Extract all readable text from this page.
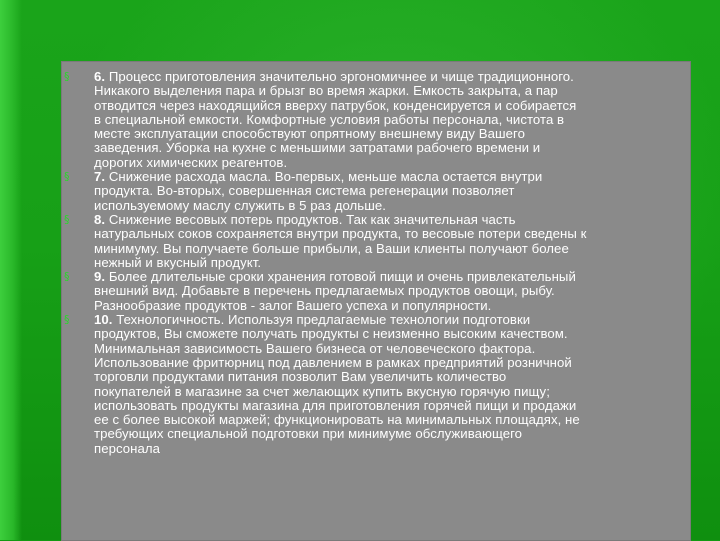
§ 6. Процесс приготовления значительно эргономичнее и чище традиционного.
Никакого выделения пара и брызг во время жарки. Емкость закрыта, а пар
отводится через находящийся вверху патрубок, конденсируется и собирается
в специальной емкости. Комфортные условия работы персонала, чистота в
месте эксплуатации способствуют опрятному внешнему виду Вашего
заведения. Уборка на кухне с меньшими затратами рабочего времени и
дорогих химических реагентов.
§ 7. Снижение расхода масла. Во-первых, меньше масла остается внутри
продукта. Во-вторых, совершенная система регенерации позволяет
используемому маслу служить в 5 раз дольше.
§ 8. Снижение весовых потерь продуктов. Так как значительная часть
натуральных соков сохраняется внутри продукта, то весовые потери сведены к
минимуму. Вы получаете больше прибыли, а Ваши клиенты получают более
нежный и вкусный продукт.
§ 9. Более длительные сроки хранения готовой пищи и очень привлекательный
внешний вид. Добавьте в перечень предлагаемых продуктов овощи, рыбу.
Разнообразие продуктов - залог Вашего успеха и популярности.
§ 10. Технологичность. Используя предлагаемые технологии подготовки
продуктов, Вы сможете получать продукты с неизменно высоким качеством.
Минимальная зависимость Вашего бизнеса от человеческого фактора.
Использование фритюрниц под давлением в рамках предприятий розничной
торговли продуктами питания позволит Вам увеличить количество
покупателей в магазине за счет желающих купить вкусную горячую пищу;
использовать продукты магазина для приготовления горячей пищи и продажи
ее с более высокой маржей; функционировать на минимальных площадях, не
требующих специальной подготовки при минимуме обслуживающего
персонала
